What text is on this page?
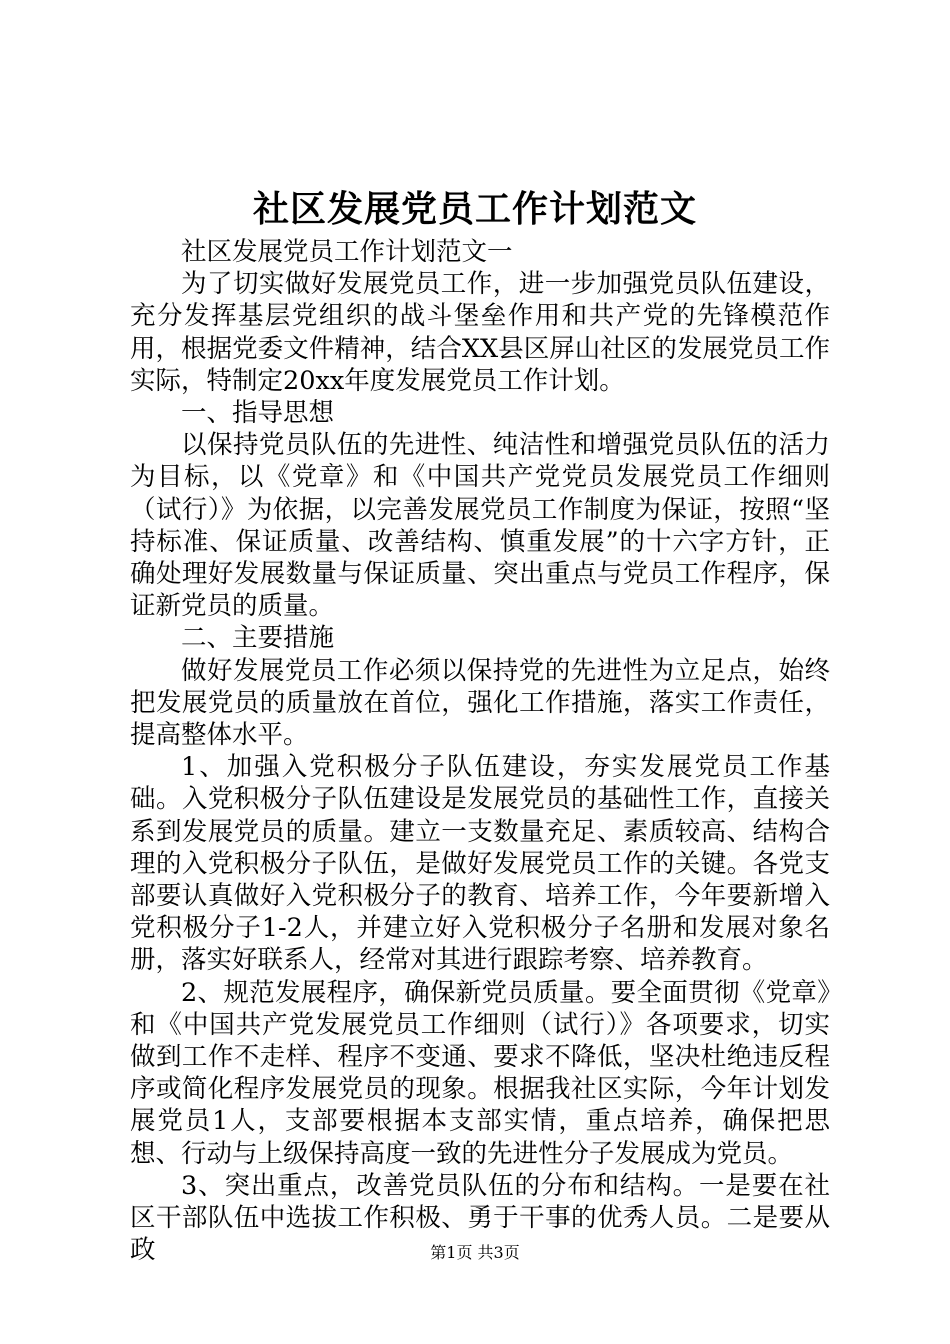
社区发展党员工作计划范文

社区发展党员工作计划范文一

为了切实做好发展党员工作，进一步加强党员队伍建设，充分发挥基层党组织的战斗堡垒作用和共产党的先锋模范作用，根据党委文件精神，结合XX县区屏山社区的发展党员工作实际，特制定20xx年度发展党员工作计划。

一、指导思想

以保持党员队伍的先进性、纯洁性和增强党员队伍的活力为目标，以《党章》和《中国共产党党员发展党员工作细则（试行）》为依据，以完善发展党员工作制度为保证，按照“坚持标准、保证质量、改善结构、慎重发展”的十六字方针，正确处理好发展数量与保证质量、突出重点与党员工作程序，保证新党员的质量。

二、主要措施

做好发展党员工作必须以保持党的先进性为立足点，始终把发展党员的质量放在首位，强化工作措施，落实工作责任，提高整体水平。

1、加强入党积极分子队伍建设，夯实发展党员工作基础。入党积极分子队伍建设是发展党员的基础性工作，直接关系到发展党员的质量。建立一支数量充足、素质较高、结构合理的入党积极分子队伍，是做好发展党员工作的关键。各党支部要认真做好入党积极分子的教育、培养工作，今年要新增入党积极分子1-2人，并建立好入党积极分子名册和发展对象名册，落实好联系人，经常对其进行跟踪考察、培养教育。

2、规范发展程序，确保新党员质量。要全面贯彻《党章》和《中国共产党发展党员工作细则（试行）》各项要求，切实做到工作不走样、程序不变通、要求不降低，坚决杜绝违反程序或简化程序发展党员的现象。根据我社区实际，今年计划发展党员1人，支部要根据本支部实情，重点培养，确保把思想、行动与上级保持高度一致的先进性分子发展成为党员。

3、突出重点，改善党员队伍的分布和结构。一是要在社区干部队伍中选拔工作积极、勇于干事的优秀人员。二是要从政	第1页 共3页
